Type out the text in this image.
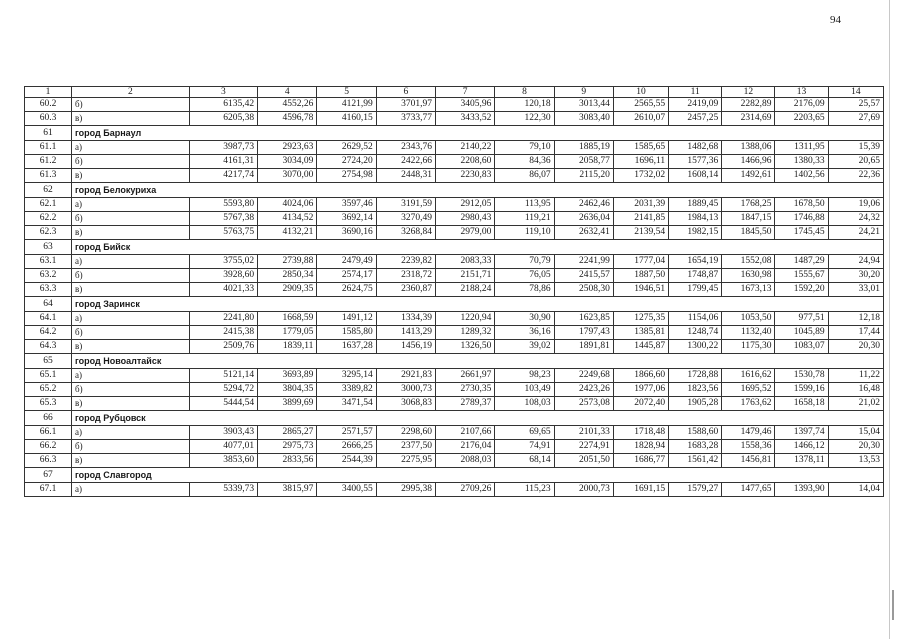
94
1	2	3	4	5	6	7	8	9	10	11	12	13	14
60.2	б)	6135,42	4552,26	4121,99	3701,97	3405,96	120,18	3013,44	2565,55	2419,09	2282,89	2176,09	25,57
60.3	в)	6205,38	4596,78	4160,15	3733,77	3433,52	122,30	3083,40	2610,07	2457,25	2314,69	2203,65	27,69
61	город Барнаул												
61.1	а)	3987,73	2923,63	2629,52	2343,76	2140,22	79,10	1885,19	1585,65	1482,68	1388,06	1311,95	15,39
61.2	б)	4161,31	3034,09	2724,20	2422,66	2208,60	84,36	2058,77	1696,11	1577,36	1466,96	1380,33	20,65
61.3	в)	4217,74	3070,00	2754,98	2448,31	2230,83	86,07	2115,20	1732,02	1608,14	1492,61	1402,56	22,36
62	город Белокуриха												
62.1	а)	5593,80	4024,06	3597,46	3191,59	2912,05	113,95	2462,46	2031,39	1889,45	1768,25	1678,50	19,06
62.2	б)	5767,38	4134,52	3692,14	3270,49	2980,43	119,21	2636,04	2141,85	1984,13	1847,15	1746,88	24,32
62.3	в)	5763,75	4132,21	3690,16	3268,84	2979,00	119,10	2632,41	2139,54	1982,15	1845,50	1745,45	24,21
63	город Бийск												
63.1	а)	3755,02	2739,88	2479,49	2239,82	2083,33	70,79	2241,99	1777,04	1654,19	1552,08	1487,29	24,94
63.2	б)	3928,60	2850,34	2574,17	2318,72	2151,71	76,05	2415,57	1887,50	1748,87	1630,98	1555,67	30,20
63.3	в)	4021,33	2909,35	2624,75	2360,87	2188,24	78,86	2508,30	1946,51	1799,45	1673,13	1592,20	33,01
64	город Заринск												
64.1	а)	2241,80	1668,59	1491,12	1334,39	1220,94	30,90	1623,85	1275,35	1154,06	1053,50	977,51	12,18
64.2	б)	2415,38	1779,05	1585,80	1413,29	1289,32	36,16	1797,43	1385,81	1248,74	1132,40	1045,89	17,44
64.3	в)	2509,76	1839,11	1637,28	1456,19	1326,50	39,02	1891,81	1445,87	1300,22	1175,30	1083,07	20,30
65	город Новоалтайск												
65.1	а)	5121,14	3693,89	3295,14	2921,83	2661,97	98,23	2249,68	1866,60	1728,88	1616,62	1530,78	11,22
65.2	б)	5294,72	3804,35	3389,82	3000,73	2730,35	103,49	2423,26	1977,06	1823,56	1695,52	1599,16	16,48
65.3	в)	5444,54	3899,69	3471,54	3068,83	2789,37	108,03	2573,08	2072,40	1905,28	1763,62	1658,18	21,02
66	город Рубцовск												
66.1	а)	3903,43	2865,27	2571,57	2298,60	2107,66	69,65	2101,33	1718,48	1588,60	1479,46	1397,74	15,04
66.2	б)	4077,01	2975,73	2666,25	2377,50	2176,04	74,91	2274,91	1828,94	1683,28	1558,36	1466,12	20,30
66.3	в)	3853,60	2833,56	2544,39	2275,95	2088,03	68,14	2051,50	1686,77	1561,42	1456,81	1378,11	13,53
67	город Славгород												
67.1	а)	5339,73	3815,97	3400,55	2995,38	2709,26	115,23	2000,73	1691,15	1579,27	1477,65	1393,90	14,04
